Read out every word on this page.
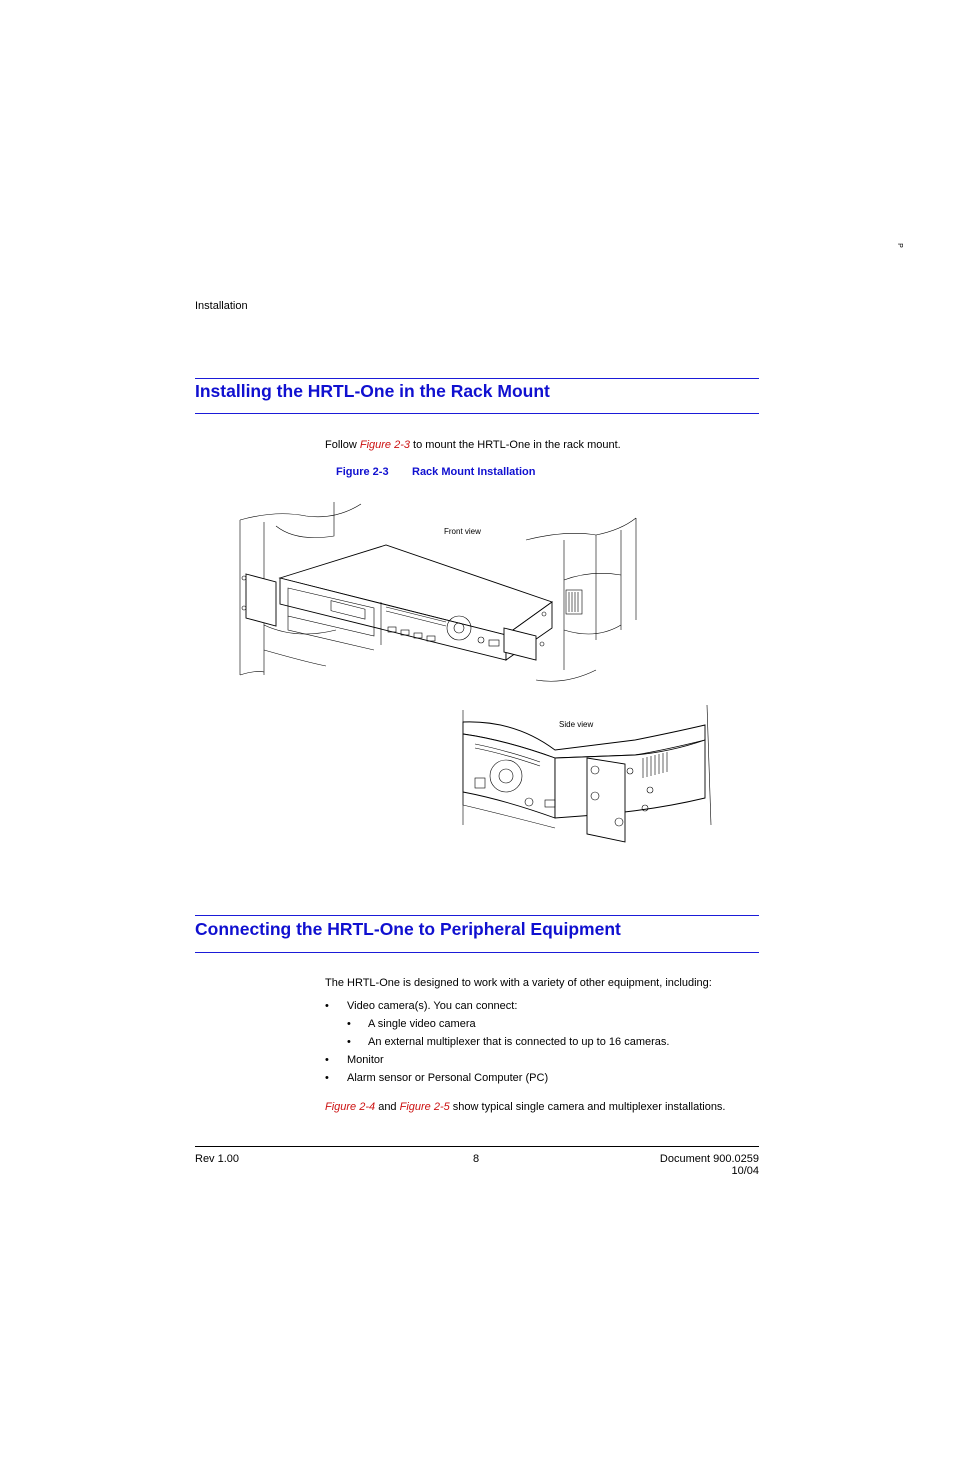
P
Installation
Installing the HRTL-One in the Rack Mount
Follow Figure 2-3 to mount the HRTL-One in the rack mount.
Figure 2-3 Rack Mount Installation
Front view
Side view
Connecting the HRTL-One to Peripheral Equipment
The HRTL-One is designed to work with a variety of other equipment, including:
• Video camera(s). You can connect:
• A single video camera
• An external multiplexer that is connected to up to 16 cameras.
• Monitor
• Alarm sensor or Personal Computer (PC)
Figure 2-4 and Figure 2-5 show typical single camera and multiplexer installations.
Rev 1.00	8	Document 900.0259
10/04
